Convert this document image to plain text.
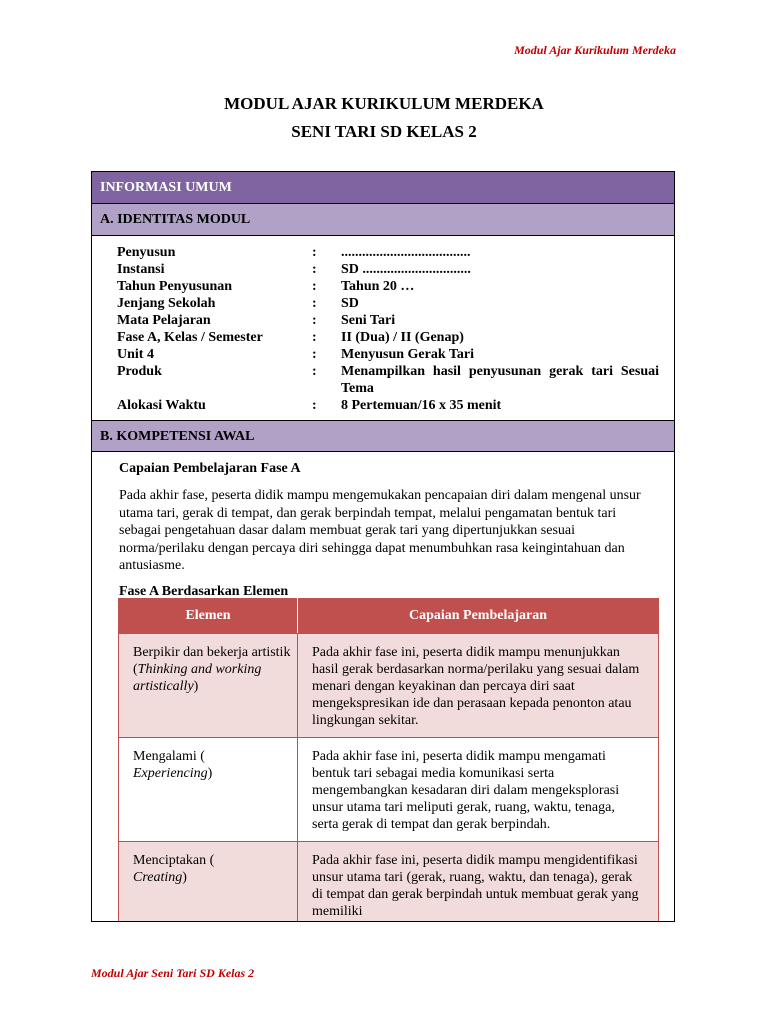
Modul Ajar Kurikulum Merdeka
MODUL AJAR KURIKULUM MERDEKA
SENI TARI SD KELAS 2
INFORMASI UMUM
A. IDENTITAS MODUL
Penyusun	:	.....................................
Instansi	:	SD ...............................
Tahun Penyusunan	:	Tahun 20 …
Jenjang Sekolah	:	SD
Mata Pelajaran	:	Seni Tari
Fase A, Kelas / Semester	:	II (Dua) / II (Genap)
Unit 4	:	Menyusun Gerak Tari
Produk	:	Menampilkan hasil penyusunan gerak tari Sesuai Tema
Alokasi Waktu	:	8 Pertemuan/16 x 35 menit
B. KOMPETENSI AWAL

Capaian Pembelajaran Fase A

Pada akhir fase, peserta didik mampu mengemukakan pencapaian diri dalam mengenal unsur utama tari, gerak di tempat, dan gerak berpindah tempat, melalui pengamatan bentuk tari sebagai pengetahuan dasar dalam membuat gerak tari yang dipertunjukkan sesuai norma/perilaku dengan percaya diri sehingga dapat menumbuhkan rasa keingintahuan dan antusiasme.

Fase A Berdasarkan Elemen

Elemen	Capaian Pembelajaran
Berpikir dan bekerja artistik (Thinking and working artistically)	Pada akhir fase ini, peserta didik mampu menunjukkan hasil gerak berdasarkan norma/perilaku yang sesuai dalam menari dengan keyakinan dan percaya diri saat mengekspresikan ide dan perasaan kepada penonton atau lingkungan sekitar.
Mengalami (
Experiencing)	Pada akhir fase ini, peserta didik mampu mengamati bentuk tari sebagai media komunikasi serta mengembangkan kesadaran diri dalam mengeksplorasi unsur utama tari meliputi gerak, ruang, waktu, tenaga, serta gerak di tempat dan gerak berpindah.
Menciptakan (
Creating)	Pada akhir fase ini, peserta didik mampu mengidentifikasi unsur utama tari (gerak, ruang, waktu, dan tenaga), gerak di tempat dan gerak berpindah untuk membuat gerak yang memiliki
Modul Ajar Seni Tari SD Kelas 2
